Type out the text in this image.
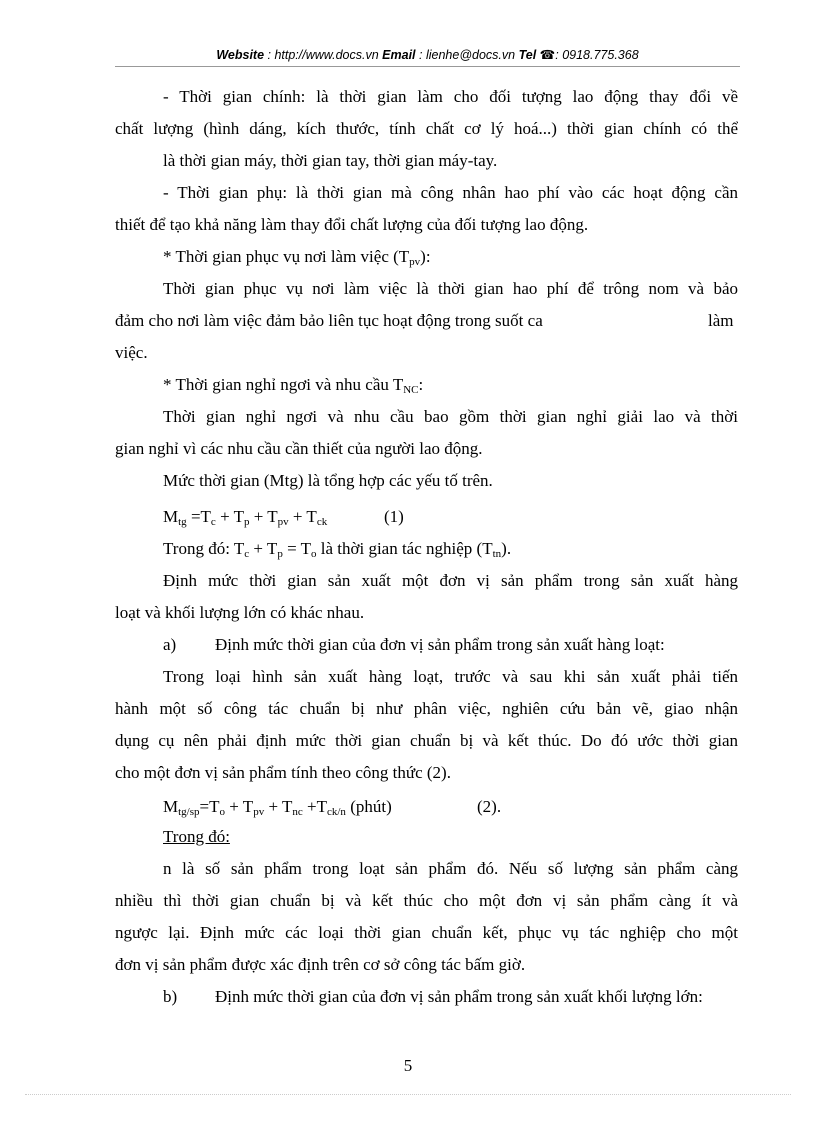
Website : http://www.docs.vn Email : lienhe@docs.vn Tel ☎: 0918.775.368
- Thời gian chính: là thời gian làm cho đối tượng lao động thay đổi về
chất lượng (hình dáng, kích thước, tính chất cơ lý hoá...) thời gian chính có thể
là thời gian máy, thời gian tay, thời gian máy-tay.
- Thời gian phụ: là thời gian mà công nhân hao phí vào các hoạt động cần
thiết để tạo khả năng làm thay đổi chất lượng của đối tượng lao động.
* Thời gian phục vụ nơi làm việc $(T_{pv})$:
Thời gian phục vụ nơi làm việc là thời gian hao phí để trông nom và bảo
đảm cho nơi làm việc đảm bảo liên tục hoạt động trong suốt ca	làm
việc.
* Thời gian nghỉ ngơi và nhu cầu $T_{NC}$:
Thời gian nghỉ ngơi và nhu cầu bao gồm thời gian nghỉ giải lao và thời
gian nghỉ vì các nhu cầu cần thiết của người lao động.
Mức thời gian (Mtg) là tổng hợp các yếu tố trên.
$M_{tg} =T_c + T_p + T_{pv} + T_{ck}$	(1)
Trong đó: $T_c + T_p = T_o$ là thời gian tác nghiệp $(T_{tn})$.
Định mức thời gian sản xuất một đơn vị sản phẩm trong sản xuất hàng
loạt và khối lượng lớn có khác nhau.
a) Định mức thời gian của đơn vị sản phẩm trong sản xuất hàng loạt:
Trong loại hình sản xuất hàng loạt, trước và sau khi sản xuất phải tiến
hành một số công tác chuẩn bị như phân việc, nghiên cứu bản vẽ, giao nhận
dụng cụ nên phải định mức thời gian chuẩn bị và kết thúc. Do đó ước thời gian
cho một đơn vị sản phẩm tính theo công thức (2).
$M_{tg/sp}=T_o + T_{pv} + T_{nc} +T_{ck/n}$ (phút)	(2).
Trong đó:
n là số sản phẩm trong loạt sản phẩm đó. Nếu số lượng sản phẩm càng
nhiều thì thời gian chuẩn bị và kết thúc cho một đơn vị sản phẩm càng ít và
ngược lại. Định mức các loại thời gian chuẩn kết, phục vụ tác nghiệp cho một
đơn vị sản phẩm được xác định trên cơ sở công tác bấm giờ.
b) Định mức thời gian của đơn vị sản phẩm trong sản xuất khối lượng lớn:
5
